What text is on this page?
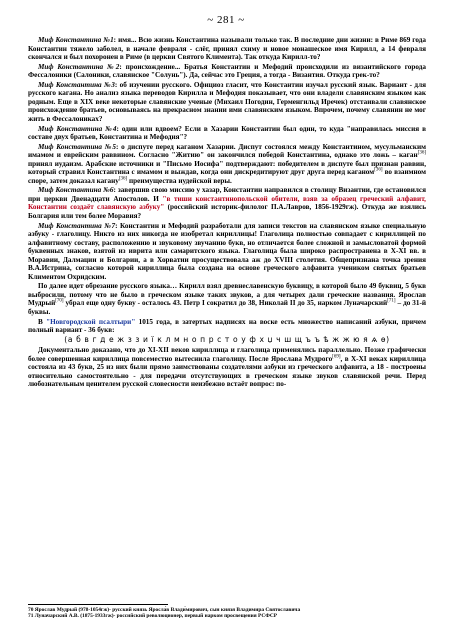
~ 281 ~

Миф Константина №1: имя... Всю жизнь Константина называли только так. В последние дни жизни: в Риме 869 года Константин тяжело заболел, в начале февраля - слёг, принял схиму и новое монашеское имя Кирилл, а 14 февраля скончался и был похоронен в Риме (в церкви Святого Климента). Так откуда Кирилл-то?

Миф Константина №2: происхождение... Братья Константин и Мефодий происходили из византийского города Фессалоники (Салоники, славянское "Солунь"). Да, сейчас это Греция, а тогда - Византия. Откуда грек-то?

Миф Константина №3: об изучении русского. Официоз гласит, что Константин изучал русский язык. Вариант - для русского кагана. Но анализ языка переводов Кирилла и Мефодия показывает, что они владели славянским языком как родным. Еще в XIX веке некоторые славянские ученые (Михаил Погодин, Герменгильд Иречек) отстаивали славянское происхождение братьев, основываясь на прекрасном знании ими славянским языком. Впрочем, почему славянин не мог жить в Фессалониках?

Миф Константина №4: один или вдвоем? Если в Хазарии Константин был один, то куда "направилась миссия в составе двух братьев, Константина и Мефодия"?

Миф Константина №5: о диспуте перед каганом Хазарии. Диспут состоялся между Константином, мусульманским имамом и еврейским раввином. Согласно "Житию" он закончился победой Константина, однако это ложь – каган[36] принял иудаизм. Арабские источники и "Письмо Иосифа" подтверждают: победителем в диспуте был признан раввин, который стравил Константина с имамом и выждав, когда они дискредитируют друг друга перед каганом[36] во взаимном споре, затем доказал кагану[36] преимущества иудейской веры.

Миф Константина №6: завершив свою миссию у хазар, Константин направился в столицу Византии, где остановился при церкви Двенадцати Апостолов. И "в тиши константинопольской обители, взяв за образец греческий алфавит, Константин создаёт славянскую азбуку" (российский историк-филолог П.А.Лавров, 1856-1929гж). Откуда же взялись Болгария или тем более Моравия?

Миф Константина №7: Константин и Мефодий разработали для записи текстов на славянском языке специальную азбуку - глаголицу. Никто из них никогда не изобретал кириллицы! Глаголица полностью совпадает с кириллицей по алфавитному составу, расположению и звуковому звучанию букв, но отличается более сложной и замысловатой формой буквенных знаков, взятой из иврита или самаритского языка. Глаголица была широко распространена в X-XI вв. в Моравии, Далмации и Болгарии, а в Хорватии просуществовала аж до XVIII столетия. Общепризнана точка зрения В.А.Истрина, согласно которой кириллица была создана на основе греческого алфавита учеником святых братьев Климентом Охридским.

По далее идет обрезание русского языка… Кирилл взял древнеславенскую буквицу, в которой было 49 буквиц, 5 букв выбросили, потому что не было в греческом языке таких звуков, а для четырех дали греческие названия. Ярослав Мудрый[70] убрал еще одну букву - осталось 43. Петр I сократил до 38, Николай II до 35, нарком Луначарский[71] – до 31-й буквы.

В "Новгородской псалтыри" 1015 года, в затертых надписях на воске есть множество написаний азбуки, причем полный вариант - 36 букв:

(а б в г д е ж з з и ї к л м н о п р с т о у ф х џ ч ш щ ъ ъ ѣ ж ж ю я ѧ ѳ)

Документально доказано, что до XI-XII веков кириллица и глаголица применялись параллельно. Позже графически более совершенная кириллица повсеместно вытеснила глаголицу. После Ярослава Мудрого[69], в X-XI веках кириллица состояла из 43 букв, 25 из них были прямо заимствованы создателями азбуки из греческого алфавита, а 18 - построены относительно самостоятельно - для передачи отсутствующих в греческом языке звуков славянской речи. Перед любознательным ценителем русской словесности неизбежно встаёт вопрос: по-

70 Ярослав Мудрый (978-1054гж)- русский князь Яросла́в Влади́мирович, сын князя Владимира Святославича
71 Луначарский А.В. (1875-1933гж)- российский революционер, первый нарком просвещения РСФСР
